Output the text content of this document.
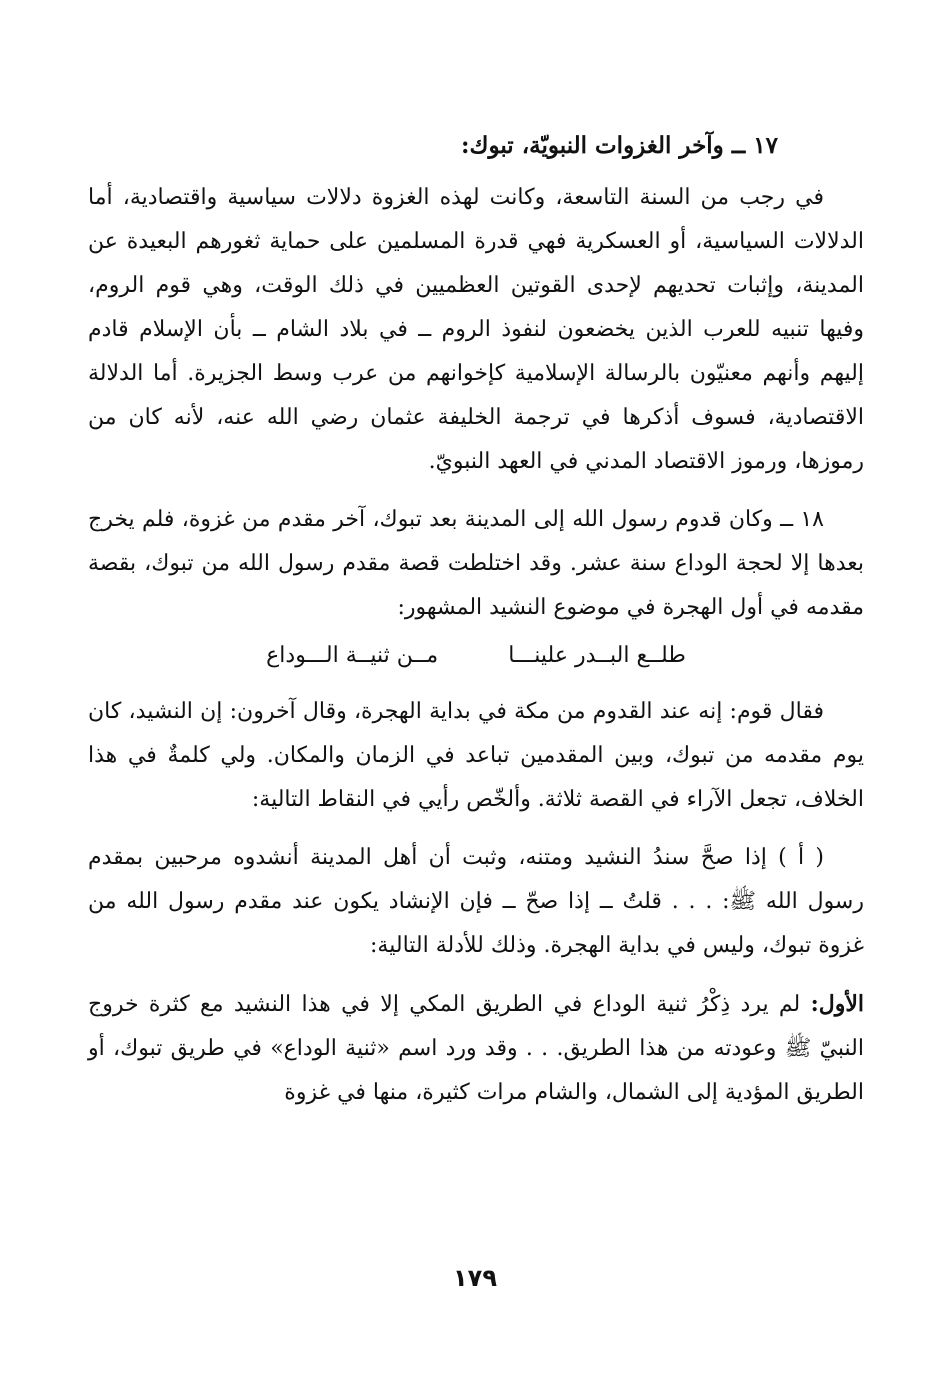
١٧ ــ وآخر الغزوات النبويّة، تبوك:

في رجب من السنة التاسعة، وكانت لهذه الغزوة دلالات سياسية واقتصادية، أما الدلالات السياسية، أو العسكرية فهي قدرة المسلمين على حماية ثغورهم البعيدة عن المدينة، وإثبات تحديهم لإحدى القوتين العظميين في ذلك الوقت، وهي قوم الروم، وفيها تنبيه للعرب الذين يخضعون لنفوذ الروم ــ في بلاد الشام ــ بأن الإسلام قادم إليهم وأنهم معنيّون بالرسالة الإسلامية كإخوانهم من عرب وسط الجزيرة. أما الدلالة الاقتصادية، فسوف أذكرها في ترجمة الخليفة عثمان رضي الله عنه، لأنه كان من رموزها، ورموز الاقتصاد المدني في العهد النبويّ.

١٨ ــ وكان قدوم رسول الله إلى المدينة بعد تبوك، آخر مقدم من غزوة، فلم يخرج بعدها إلا لحجة الوداع سنة عشر. وقد اختلطت قصة مقدم رسول الله من تبوك، بقصة مقدمه في أول الهجرة في موضوع النشيد المشهور:

طلــع البــدر علينـــا
مــن ثنيــة الـــوداع

فقال قوم: إنه عند القدوم من مكة في بداية الهجرة، وقال آخرون: إن النشيد، كان يوم مقدمه من تبوك، وبين المقدمين تباعد في الزمان والمكان. ولي كلمةٌ في هذا الخلاف، تجعل الآراء في القصة ثلاثة. وألخّص رأيي في النقاط التالية:

( أ ) إذا صحَّ سندُ النشيد ومتنه، وثبت أن أهل المدينة أنشدوه مرحبين بمقدم رسول الله ﷺ: . . . قلتُ ــ إذا صحّ ــ فإن الإنشاد يكون عند مقدم رسول الله من غزوة تبوك، وليس في بداية الهجرة. وذلك للأدلة التالية:

الأول: لم يرد ذِكْرُ ثنية الوداع في الطريق المكي إلا في هذا النشيد مع كثرة خروج النبيّ ﷺ وعودته من هذا الطريق. . . وقد ورد اسم «ثنية الوداع» في طريق تبوك، أو الطريق المؤدية إلى الشمال، والشام مرات كثيرة، منها في غزوة

١٧٩
